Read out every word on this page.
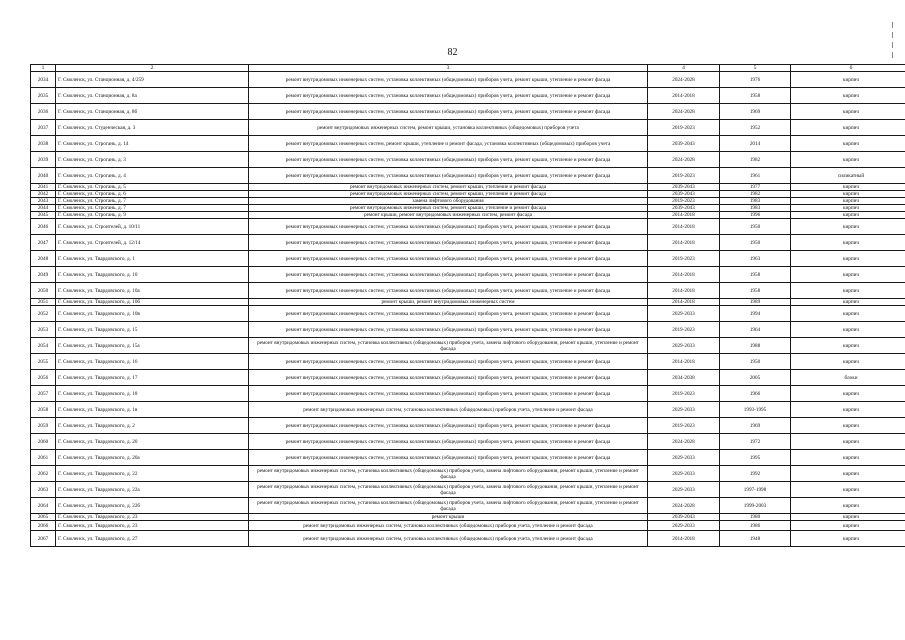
82
1	2	3	4	5	6
2034	Г. Смоленск, ул. Станционная, д. 4/259	ремонт внутридомовых инженерных систем, установка коллективных (общедомовых) приборов учета, ремонт крыши, утепление и ремонт фасада	2024-2028	1976	кирпич
2035	Г. Смоленск, ул. Станционная, д. 8а	ремонт внутридомовых инженерных систем, установка коллективных (общедомовых) приборов учета, ремонт крыши, утепление и ремонт фасада	2014-2018	1958	кирпич
2036	Г. Смоленск, ул. Станционная, д. 8б	ремонт внутридомовых инженерных систем, установка коллективных (общедомовых) приборов учета, ремонт крыши, утепление и ремонт фасада	2024-2028	1969	кирпич
2037	Г. Смоленск, ул. Студенческая, д. 3	ремонт внутридомовых инженерных систем, ремонт крыши, установка коллективных (общедомовых) приборов учета	2019-2023	1952	кирпич
2038	Г. Смоленск, ул. Строгань, д. 14	ремонт внутридомовых инженерных систем, ремонт крыши, утепление и ремонт фасада, установка коллективных (общедомовых) приборов учета	2039-2043	2014	кирпич
2039	Г. Смоленск, ул. Строгань, д. 3	ремонт внутридомовых инженерных систем, установка коллективных (общедомовых) приборов учета, ремонт крыши, утепление и ремонт фасада	2024-2028	1982	кирпич
2040	Г. Смоленск, ул. Строгань, д. 4	ремонт внутридомовых инженерных систем, установка коллективных (общедомовых) приборов учета, ремонт крыши, утепление и ремонт фасада	2019-2023	1961	силикатный
2041	Г. Смоленск, ул. Строгань, д. 5	ремонт внутридомовых инженерных систем, ремонт крыши, утепление и ремонт фасада	2039-2043	1977	кирпич
2042	Г. Смоленск, ул. Строгань, д. 6	ремонт внутридомовых инженерных систем, ремонт крыши, утепление и ремонт фасада	2039-2043	1982	кирпич
2043	Г. Смоленск, ул. Строгань, д. 7	замена лифтового оборудования	2019-2023	1983	кирпич
2044	Г. Смоленск, ул. Строгань, д. 7	ремонт внутридомовых инженерных систем, ремонт крыши, утепление и ремонт фасада	2039-2043	1983	кирпич
2045	Г. Смоленск, ул. Строгань, д. 9	ремонт крыши, ремонт внутридомовых инженерных систем, ремонт фасада	2014-2018	1996	кирпич
2046	Г. Смоленск, ул. Строителей, д. 10/11	ремонт внутридомовых инженерных систем, установка коллективных (общедомовых) приборов учета, ремонт крыши, утепление и ремонт фасада	2014-2018	1950	кирпич
2047	Г. Смоленск, ул. Строителей, д. 12/14	ремонт внутридомовых инженерных систем, установка коллективных (общедомовых) приборов учета, ремонт крыши, утепление и ремонт фасада	2014-2018	1950	кирпич
2048	Г. Смоленск, ул. Твардовского, д. 1	ремонт внутридомовых инженерных систем, установка коллективных (общедомовых) приборов учета, ремонт крыши, утепление и ремонт фасада	2019-2023	1963	кирпич
2049	Г. Смоленск, ул. Твардовского, д. 10	ремонт внутридомовых инженерных систем, установка коллективных (общедомовых) приборов учета, ремонт крыши, утепление и ремонт фасада	2014-2018	1958	кирпич
2050	Г. Смоленск, ул. Твардовского, д. 10а	ремонт внутридомовых инженерных систем, установка коллективных (общедомовых) приборов учета, ремонт крыши, утепление и ремонт фасада	2014-2018	1958	кирпич
2051	Г. Смоленск, ул. Твардовского, д. 10б	ремонт крыши, ремонт внутридомовых инженерных систем	2014-2018	1989	кирпич
2052	Г. Смоленск, ул. Твардовского, д. 10в	ремонт внутридомовых инженерных систем, установка коллективных (общедомовых) приборов учета, ремонт крыши, утепление и ремонт фасада	2029-2033	1994	кирпич
2053	Г. Смоленск, ул. Твардовского, д. 15	ремонт внутридомовых инженерных систем, установка коллективных (общедомовых) приборов учета, ремонт крыши, утепление и ремонт фасада	2019-2023	1964	кирпич
2054	Г. Смоленск, ул. Твардовского, д. 15а	ремонт внутридомовых инженерных систем, установка коллективных (общедомовых) приборов учета, замена лифтового оборудования, ремонт крыши, утепление и ремонт фасада	2029-2033	1988	кирпич
2055	Г. Смоленск, ул. Твардовского, д. 16	ремонт внутридомовых инженерных систем, установка коллективных (общедомовых) приборов учета, ремонт крыши, утепление и ремонт фасада	2014-2018	1950	кирпич
2056	Г. Смоленск, ул. Твардовского, д. 17	ремонт внутридомовых инженерных систем, установка коллективных (общедомовых) приборов учета, ремонт крыши, утепление и ремонт фасада	2034-2038	2005	блоки
2057	Г. Смоленск, ул. Твардовского, д. 18	ремонт внутридомовых инженерных систем, установка коллективных (общедомовых) приборов учета, ремонт крыши, утепление и ремонт фасада	2019-2023	1966	кирпич
2058	Г. Смоленск, ул. Твардовского, д. 1в	ремонт внутридомовых инженерных систем, установка коллективных (общедомовых) приборов учета, утепление и ремонт фасада	2029-2033	1993-1995	кирпич
2059	Г. Смоленск, ул. Твардовского, д. 2	ремонт внутридомовых инженерных систем, установка коллективных (общедомовых) приборов учета, ремонт крыши, утепление и ремонт фасада	2019-2023	1969	кирпич
2060	Г. Смоленск, ул. Твардовского, д. 20	ремонт внутридомовых инженерных систем, установка коллективных (общедомовых) приборов учета, ремонт крыши, утепление и ремонт фасада	2024-2028	1972	кирпич
2061	Г. Смоленск, ул. Твардовского, д. 20а	ремонт внутридомовых инженерных систем, установка коллективных (общедомовых) приборов учета, ремонт крыши, утепление и ремонт фасада	2029-2033	1995	кирпич
2062	Г. Смоленск, ул. Твардовского, д. 22	ремонт внутридомовых инженерных систем, установка коллективных (общедомовых) приборов учета, замена лифтового оборудования, ремонт крыши, утепление и ремонт фасада	2029-2033	1992	кирпич
2063	Г. Смоленск, ул. Твардовского, д. 22а	ремонт внутридомовых инженерных систем, установка коллективных (общедомовых) приборов учета, замена лифтового оборудования, ремонт крыши, утепление и ремонт фасада	2029-2033	1997-1998	кирпич
2064	Г. Смоленск, ул. Твардовского, д. 22б	ремонт внутридомовых инженерных систем, установка коллективных (общедомовых) приборов учета, замена лифтового оборудования, ремонт крыши, утепление и ремонт фасада	2024-2028	1999-2003	кирпич
2065	Г. Смоленск, ул. Твардовского, д. 23	ремонт крыши	2039-2043	1980	кирпич
2066	Г. Смоленск, ул. Твардовского, д. 23	ремонт внутридомовых инженерных систем, установка коллективных (общедомовых) приборов учета, утепление и ремонт фасада	2029-2033	1986	кирпич
2067	Г. Смоленск, ул. Твардовского, д. 27	ремонт внутридомовых инженерных систем, установка коллективных (общедомовых) приборов учета, утепление и ремонт фасада	2014-2018	1948	кирпич
